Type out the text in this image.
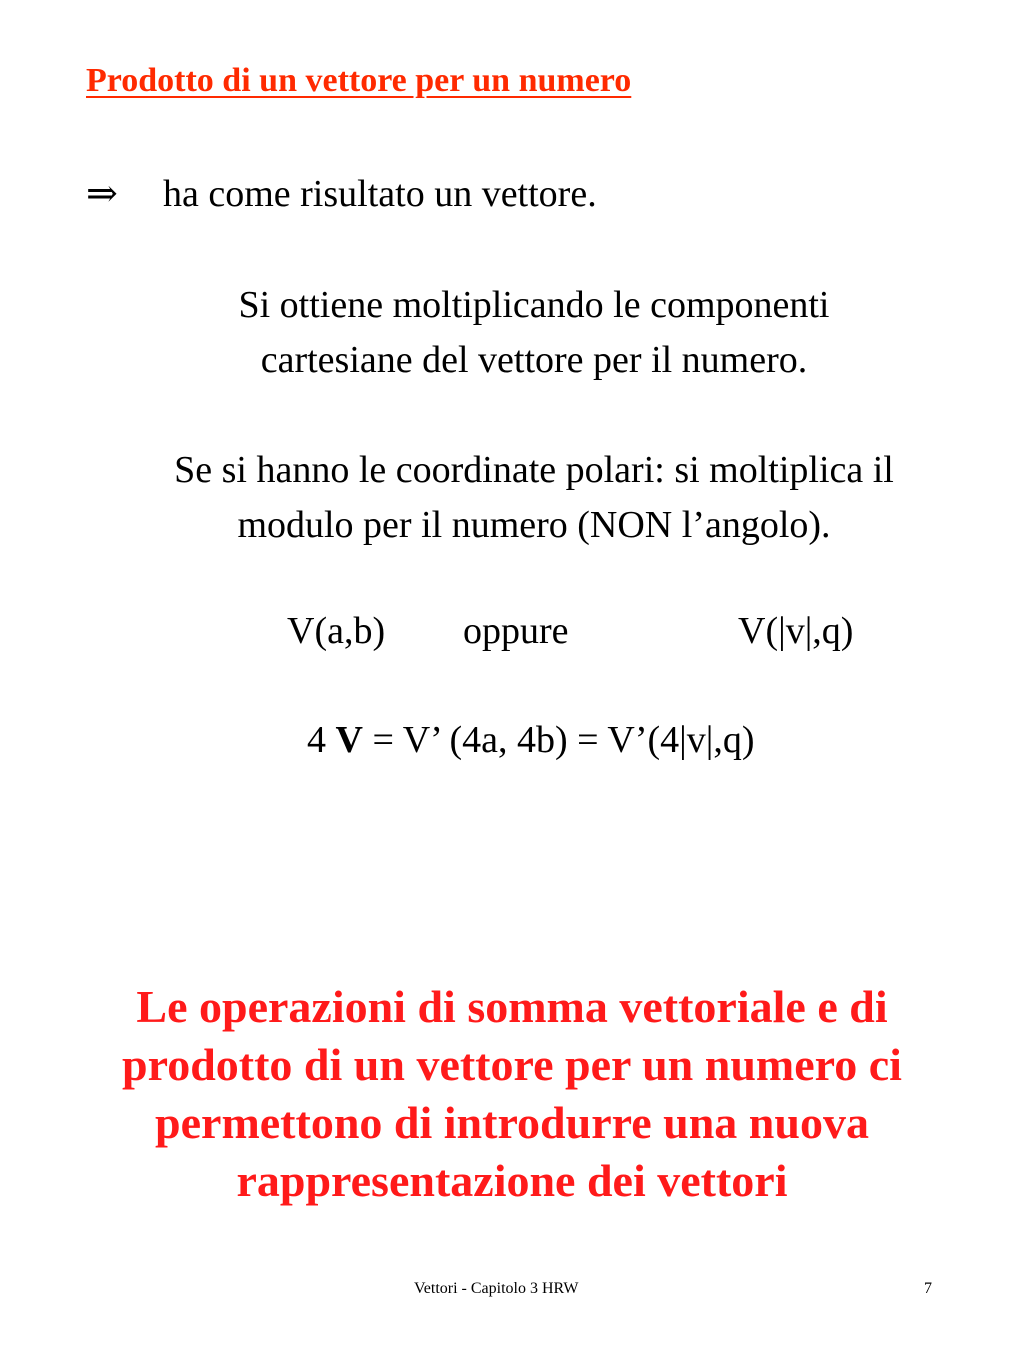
Prodotto di un vettore per un numero
⇒ ha come risultato un vettore.
Si ottiene moltiplicando le componenti
cartesiane del vettore per il numero.
Se si hanno le coordinate polari: si moltiplica il
modulo per il numero (NON l’angolo).
V(a,b) oppure	V(|v|,q)
4 V = V’ (4a, 4b) = V’(4|v|,q)
Le operazioni di somma vettoriale e di
prodotto di un vettore per un numero ci
permettono di introdurre una nuova
rappresentazione dei vettori
Vettori - Capitolo 3 HRW	7
